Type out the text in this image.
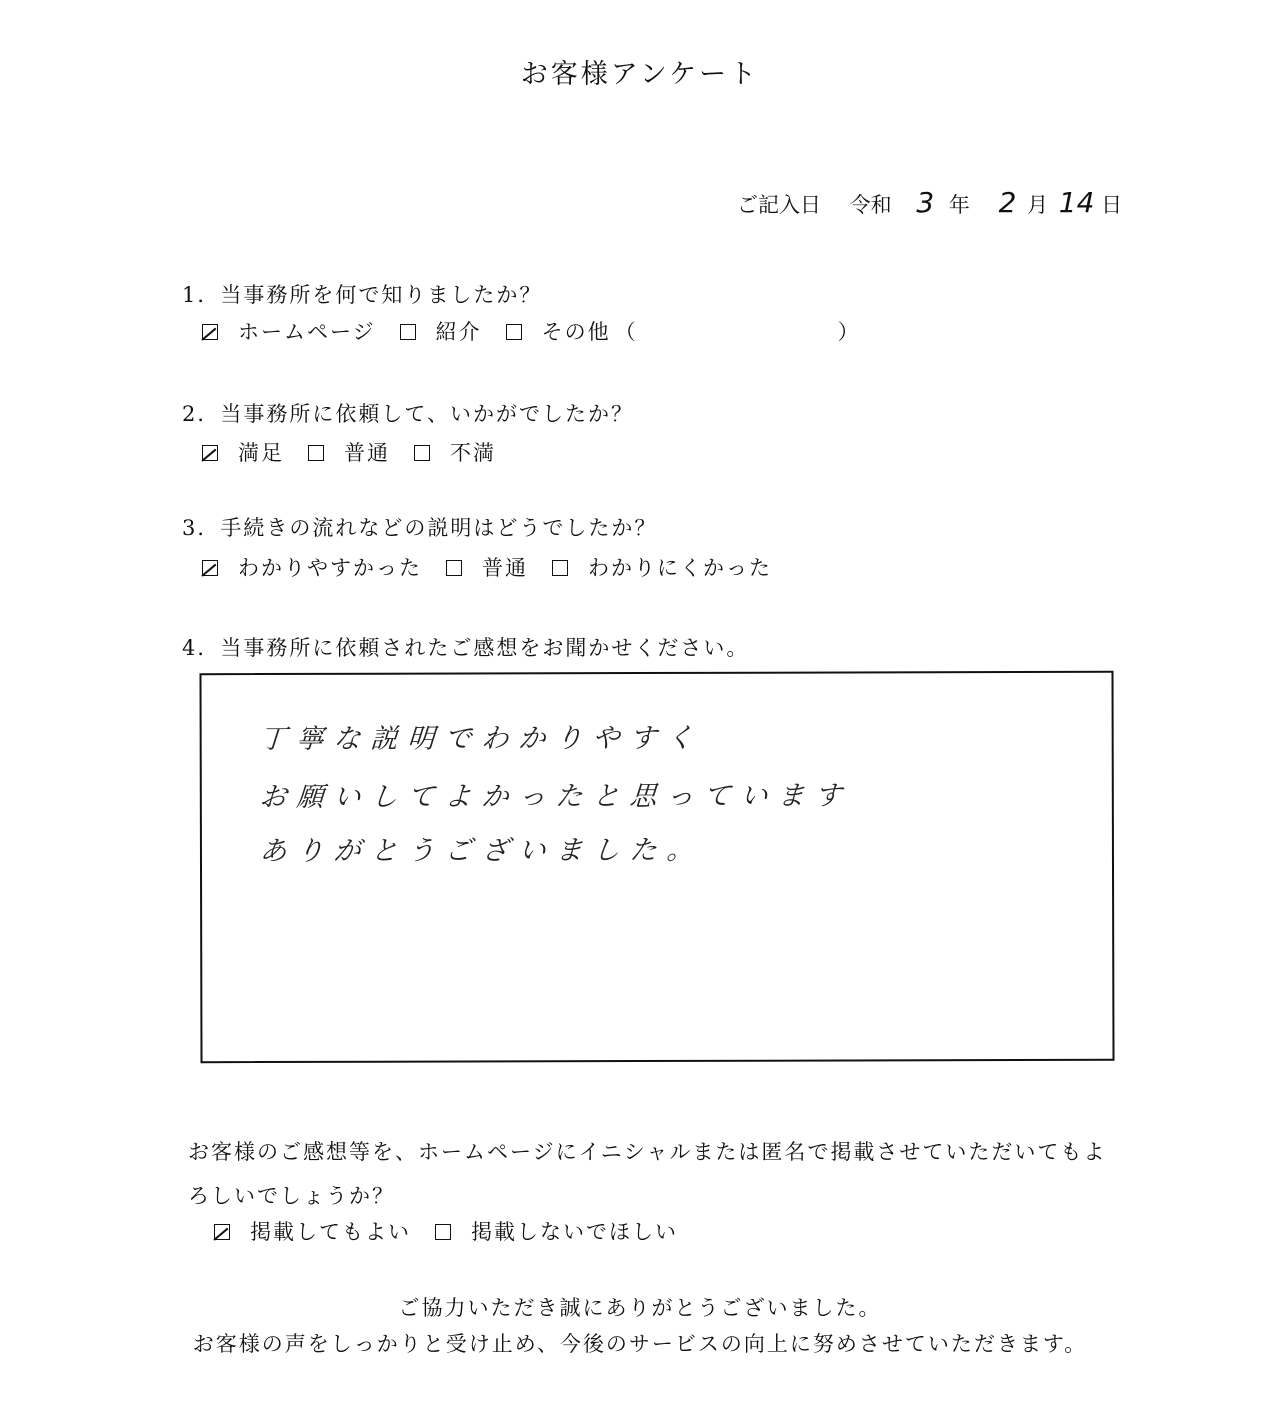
お客様アンケート
ご記入日 令和 3 年 2 月 14 日
1．当事務所を何で知りましたか？
ホームページ	紹介	その他 （	）
2．当事務所に依頼して、いかがでしたか？
満足	普通	不満
3．手続きの流れなどの説明はどうでしたか？
わかりやすかった	普通	わかりにくかった
4．当事務所に依頼されたご感想をお聞かせください。
丁寧な説明でわかりやすく
お願いしてよかったと思っています
ありがとうございました。
お客様のご感想等を、ホームページにイニシャルまたは匿名で掲載させていただいてもよ
ろしいでしょうか？
掲載してもよい	掲載しないでほしい
ご協力いただき誠にありがとうございました。
お客様の声をしっかりと受け止め、今後のサービスの向上に努めさせていただきます。
